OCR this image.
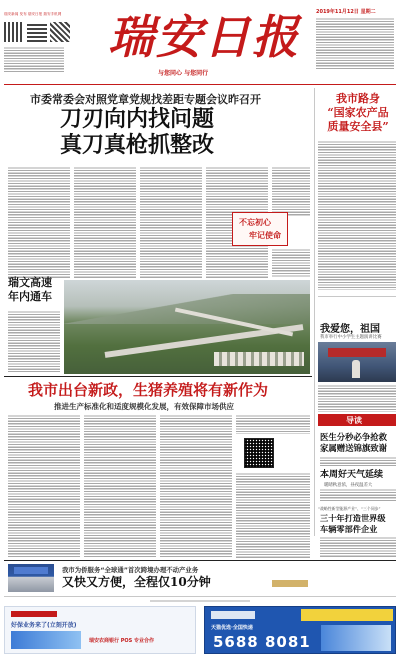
瑞安新闻 发布 瑞安日报 瑞安手机网	瑞安日报
与您同心 与您同行
2019年11月12日 星期二
市委常委会对照党章党规找差距专题会议昨召开
刀刃向内找问题
真刀真枪抓整改
不忘初心
牢记使命
我市路身
“国家农产品
质量安全县”
瑞文高速
年内通车
我爱您，祖国
我市举行中小学生主题演讲比赛
我市出台新政，生猪养殖将有新作为
推进生产标准化和适度规模化发展，有效保障市场供应
导读
医生分秒必争抢救
家属赠送锦旗致谢
本周好天气延续
暖睛秋意浓，昼夜温差大
“战略性新型能源产业”、“三个同步”
三十年打造世界级
车辆零部件企业
我市为侨服务“全球通”首次跨境办理不动产业务
又快又方便，全程仅10分钟
好保业务来了(立刻开放)
瑞安农商银行 POS 专业合作
天猫优选·全国快递
5688 8081
